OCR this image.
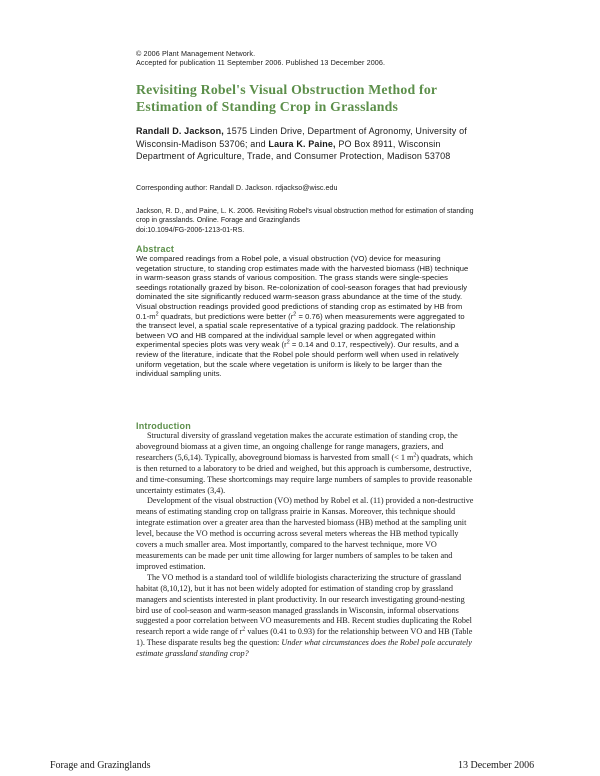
© 2006 Plant Management Network.
Accepted for publication 11 September 2006. Published 13 December 2006.
Revisiting Robel's Visual Obstruction Method for Estimation of Standing Crop in Grasslands
Randall D. Jackson, 1575 Linden Drive, Department of Agronomy, University of Wisconsin-Madison 53706; and Laura K. Paine, PO Box 8911, Wisconsin Department of Agriculture, Trade, and Consumer Protection, Madison 53708
Corresponding author: Randall D. Jackson. rdjackso@wisc.edu
Jackson, R. D., and Paine, L. K. 2006. Revisiting Robel's visual obstruction method for estimation of standing crop in grasslands. Online. Forage and Grazinglands
doi:10.1094/FG-2006-1213-01-RS.
Abstract
We compared readings from a Robel pole, a visual obstruction (VO) device for measuring vegetation structure, to standing crop estimates made with the harvested biomass (HB) technique in warm-season grass stands of various composition. The grass stands were single-species seedings rotationally grazed by bison. Re-colonization of cool-season forages that had previously dominated the site significantly reduced warm-season grass abundance at the time of the study. Visual obstruction readings provided good predictions of standing crop as estimated by HB from $0.1-m^2$ quadrats, but predictions were better $(r^2 = 0.76)$ when measurements were aggregated to the transect level, a spatial scale representative of a typical grazing paddock. The relationship between VO and HB compared at the individual sample level or when aggregated within experimental species plots was very weak ($r^2 = 0.14$ and 0.17, respectively). Our results, and a review of the literature, indicate that the Robel pole should perform well when used in relatively uniform vegetation, but the scale where vegetation is uniform is likely to be larger than the individual sampling units.
Introduction

Structural diversity of grassland vegetation makes the accurate estimation of standing crop, the aboveground biomass at a given time, an ongoing challenge for range managers, graziers, and researchers (5,6,14). Typically, aboveground biomass is harvested from small (< 1 $m^2$) quadrats, which is then returned to a laboratory to be dried and weighed, but this approach is cumbersome, destructive, and time-consuming. These shortcomings may require large numbers of samples to provide reasonable uncertainty estimates (3,4).

Development of the visual obstruction (VO) method by Robel et al. (11) provided a non-destructive means of estimating standing crop on tallgrass prairie in Kansas. Moreover, this technique should integrate estimation over a greater area than the harvested biomass (HB) method at the sampling unit level, because the VO method is occurring across several meters whereas the HB method typically covers a much smaller area. Most importantly, compared to the harvest technique, more VO measurements can be made per unit time allowing for larger numbers of samples to be taken and improved estimation.

The VO method is a standard tool of wildlife biologists characterizing the structure of grassland habitat (8,10,12), but it has not been widely adopted for estimation of standing crop by grassland managers and scientists interested in plant productivity. In our research investigating ground-nesting bird use of cool-season and warm-season managed grasslands in Wisconsin, informal observations suggested a poor correlation between VO measurements and HB. Recent studies duplicating the Robel research report a wide range of $r^2$ values (0.41 to 0.93) for the relationship between VO and HB (Table 1). These disparate results beg the question: Under what circumstances does the Robel pole accurately estimate grassland standing crop?

Forage and Grazinglands	13 December 2006
